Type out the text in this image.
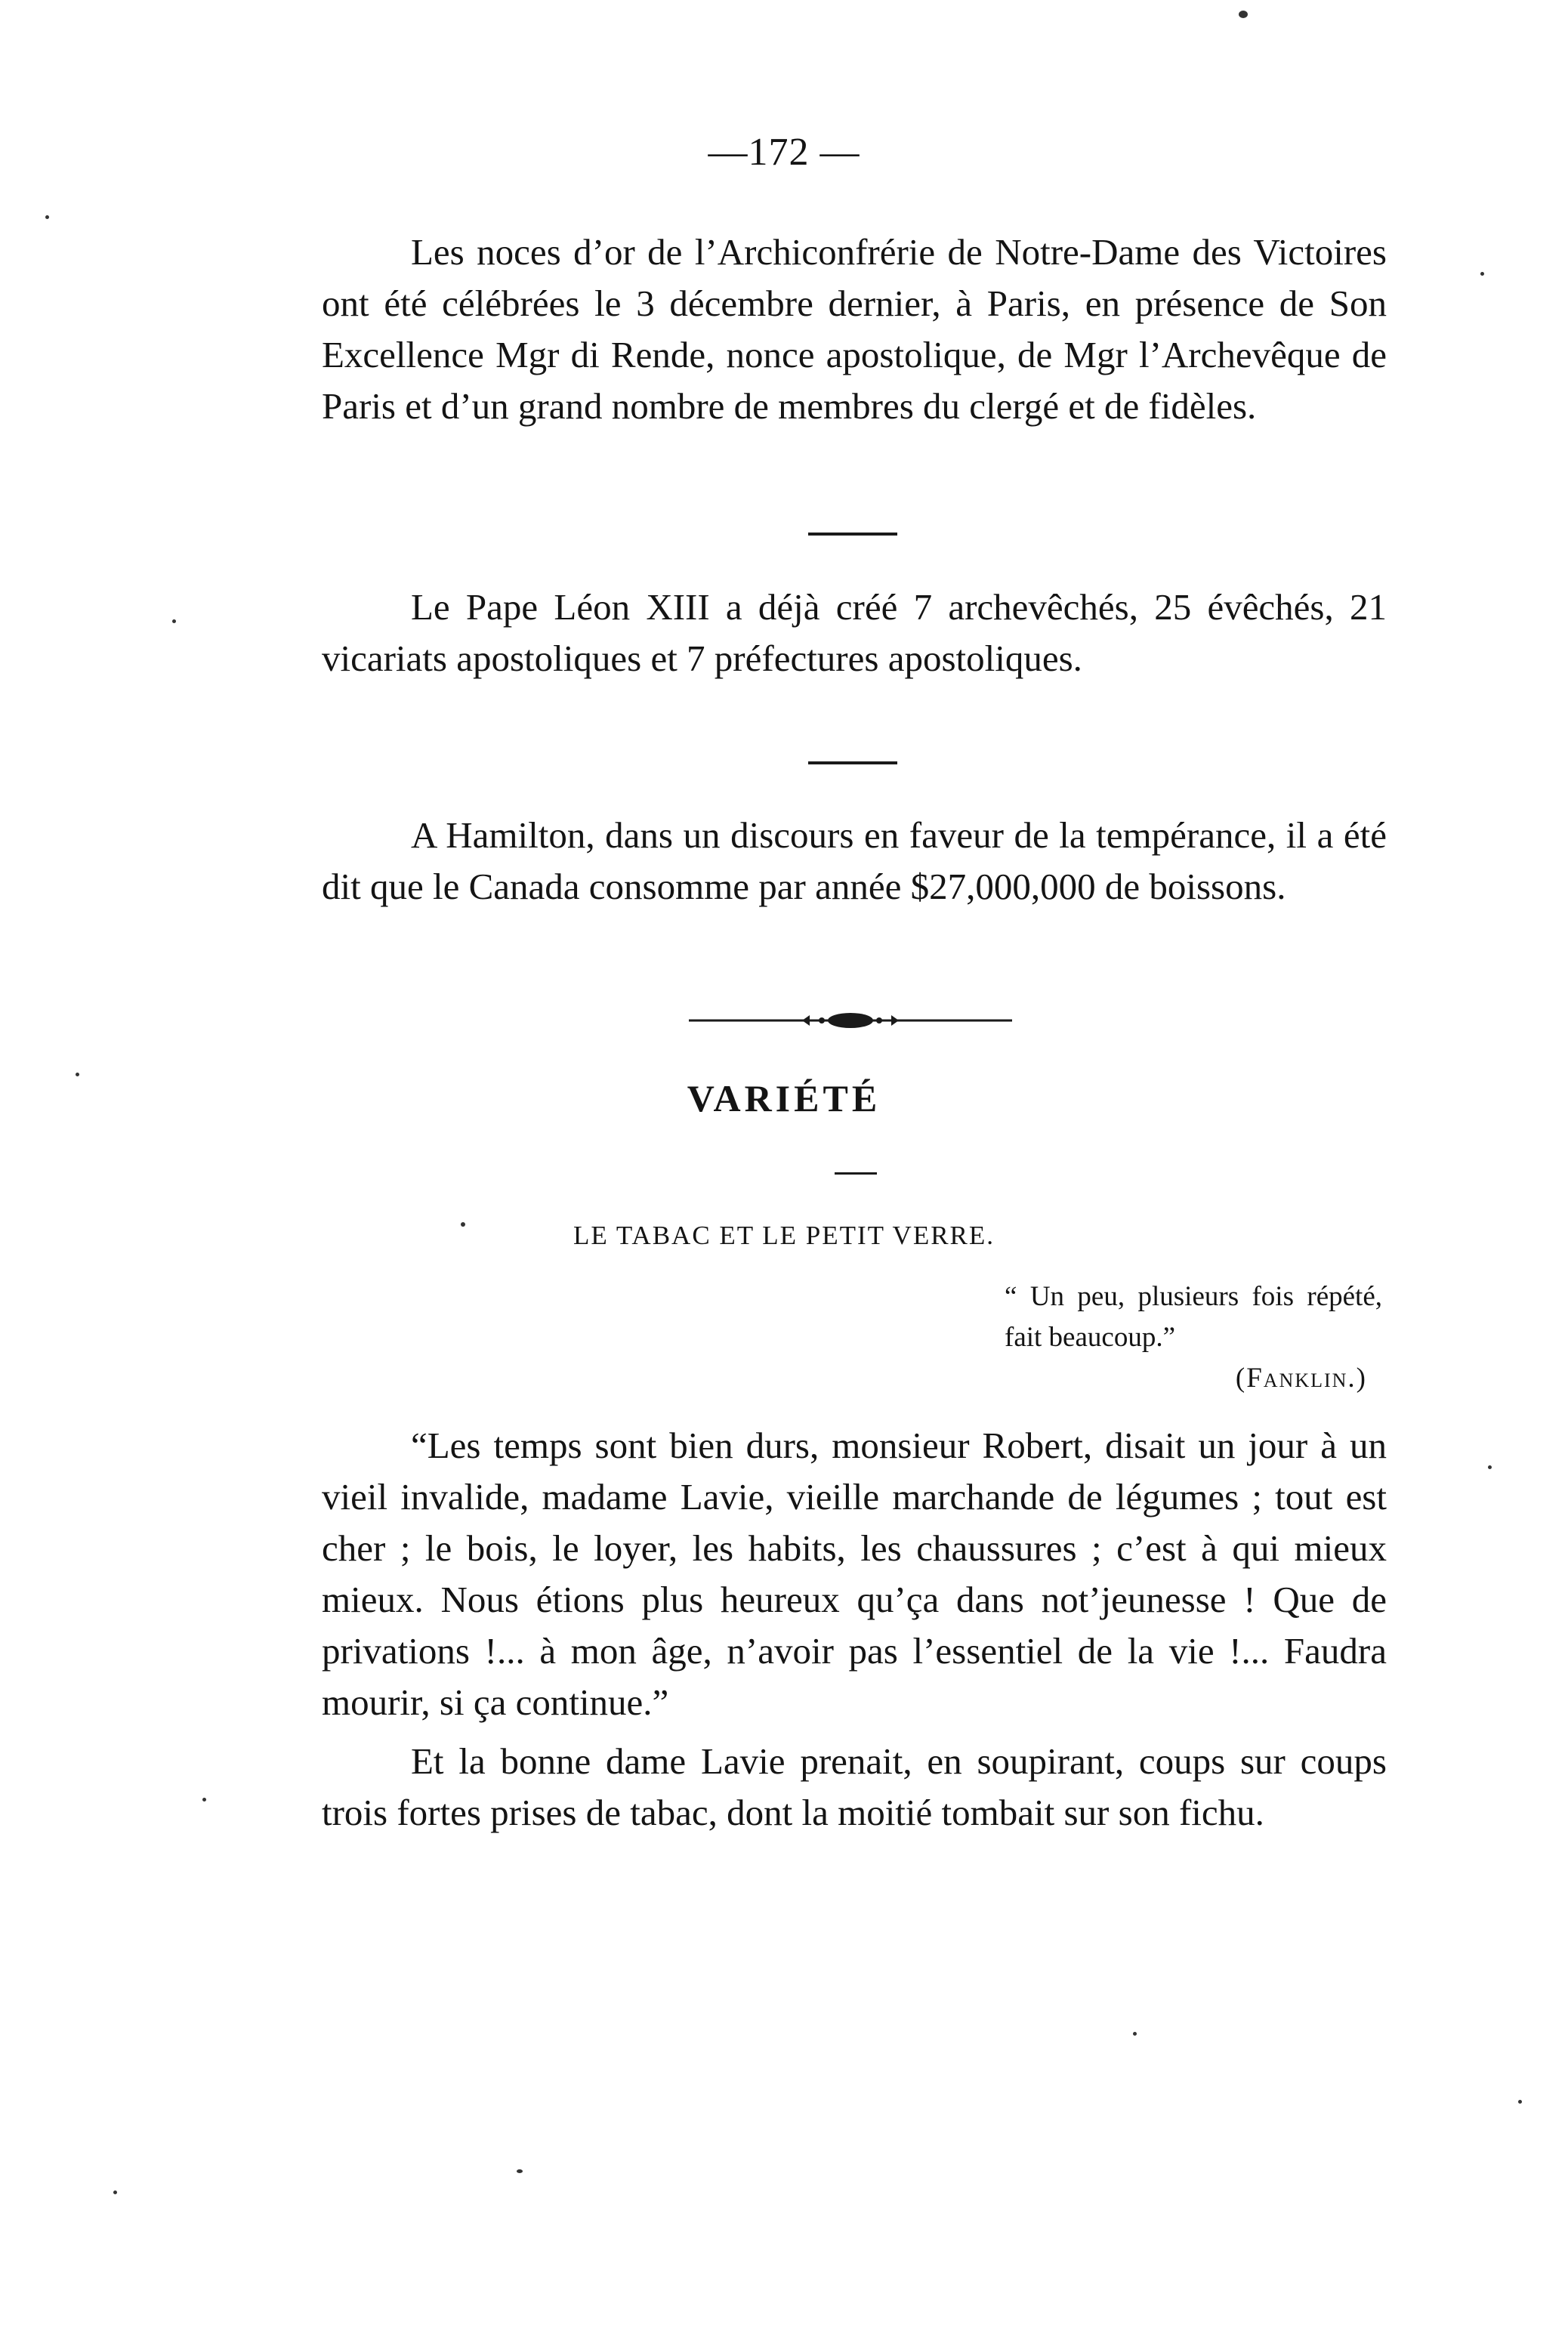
—172 —

Les noces d’or de l’Archiconfrérie de Notre-Dame des Victoires ont été célébrées le 3 décembre dernier, à Paris, en présence de Son Excellence Mgr di Rende, nonce apostolique, de Mgr l’Archevêque de Paris et d’un grand nombre de membres du clergé et de fidèles.

Le Pape Léon XIII a déjà créé 7 archevêchés, 25 évêchés, 21 vicariats apostoliques et 7 préfectures apostoliques.

A Hamilton, dans un discours en faveur de la tempérance, il a été dit que le Canada consomme par année $27,000,000 de boissons.

VARIÉTÉ
LE TABAC ET LE PETIT VERRE.
“ Un peu, plusieurs fois répété, fait beaucoup.”
(Fanklin.)

“Les temps sont bien durs, monsieur Robert, disait un jour à un vieil invalide, madame Lavie, vieille marchande de légumes ; tout est cher ; le bois, le loyer, les habits, les chaussures ; c’est à qui mieux mieux. Nous étions plus heureux qu’ça dans not’jeunesse ! Que de privations !... à mon âge, n’avoir pas l’essentiel de la vie !... Faudra mourir, si ça continue.”

Et la bonne dame Lavie prenait, en soupirant, coups sur coups trois fortes prises de tabac, dont la moitié tombait sur son fichu.
